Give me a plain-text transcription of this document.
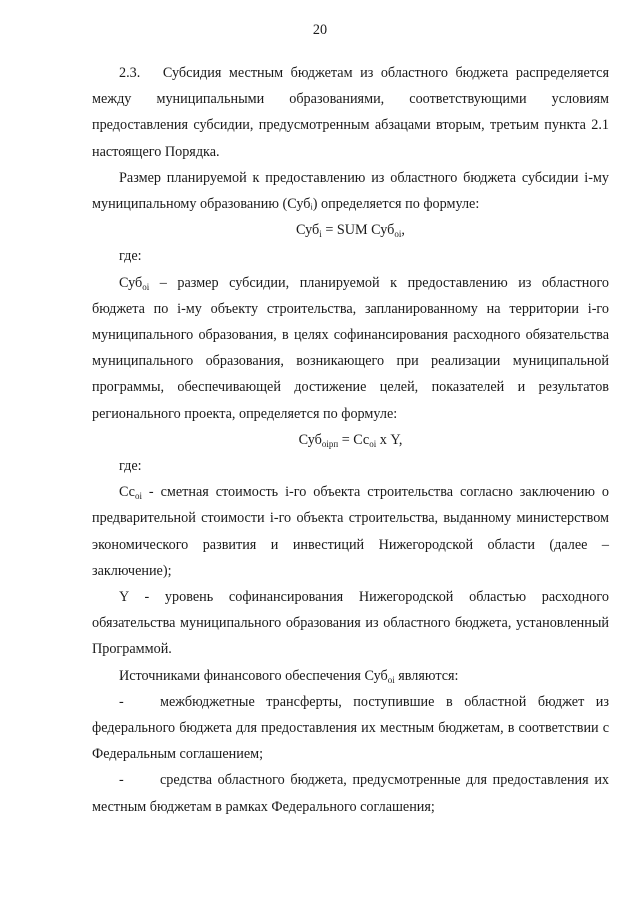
20

2.3.   Субсидия местным бюджетам из областного бюджета распределяется между муниципальными образованиями, соответствующими условиям предоставления субсидии, предусмотренным абзацами вторым, третьим пункта 2.1 настоящего Порядка.

Размер планируемой к предоставлению из областного бюджета субсидии i-му муниципальному образованию (Субᵢ) определяется по формуле:

Суб$_i$ = SUM Суб$_{oi}$,

где:

Суб$_{oi}$ – размер субсидии, планируемой к предоставлению из областного бюджета по i-му объекту строительства, запланированному на территории i-го муниципального образования, в целях софинансирования расходного обязательства муниципального образования, возникающего при реализации муниципальной программы, обеспечивающей достижение целей, показателей и результатов регионального проекта, определяется по формуле:

$Суб_{oipп} = Сс_{oi}$ х Y,

где:

$Сс_{oi}$ - сметная стоимость i-го объекта строительства согласно заключению о предварительной стоимости i-го объекта строительства, выданному министерством экономического развития и инвестиций Нижегородской области (далее – заключение);

Y - уровень софинансирования Нижегородской областью расходного обязательства муниципального образования из областного бюджета, установленный Программой.

Источниками финансового обеспечения Суб$_{oi}$ являются:

-	межбюджетные трансферты, поступившие в областной бюджет из федерального бюджета для предоставления их местным бюджетам, в соответствии с Федеральным соглашением;

-	средства областного бюджета, предусмотренные для предоставления их местным бюджетам в рамках Федерального соглашения;
